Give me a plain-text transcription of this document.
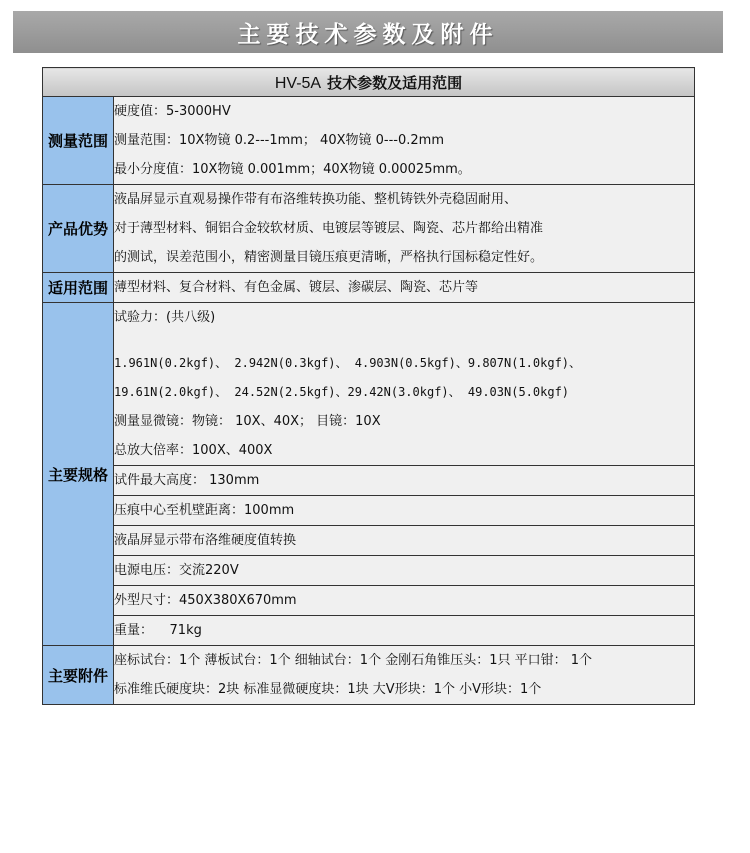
主要技术参数及附件
HV-5A 技术参数及适用范围	
测量范围	硬度值：5-3000HV
测量范围：10X物镜 0.2---1mm； 40X物镜 0---0.2mm
最小分度值：10X物镜 0.001mm；40X物镜 0.00025mm。

产品优势	液晶屏显示直观易操作带有布洛维转换功能、整机铸铁外壳稳固耐用、
对于薄型材料、铜铝合金较软材质、电镀层等镀层、陶瓷、芯片都给出精准
的测试，误差范围小，精密测量目镜压痕更清晰，严格执行国标稳定性好。

适用范围	薄型材料、复合材料、有色金属、镀层、渗碳层、陶瓷、芯片等

主要规格	试验力：(共八级)
1.961N(0.2kgf)、 2.942N(0.3kgf)、 4.903N(0.5kgf)、9.807N(1.0kgf)、
19.61N(2.0kgf)、 24.52N(2.5kgf)、29.42N(3.0kgf)、 49.03N(5.0kgf)
测量显微镜：物镜： 10X、40X； 目镜：10X
总放大倍率：100X、400X

	试件最大高度： 130mm

	压痕中心至机壁距离：100mm

	液晶屏显示带布洛维硬度值转换

	电源电压：交流220V

	外型尺寸：450X380X670mm

	重量：    71kg

主要附件	座标试台：1个 薄板试台：1个 细轴试台：1个 金刚石角锥压头：1只 平口钳： 1个
标准维氏硬度块：2块 标准显微硬度块：1块 大V形块：1个 小V形块：1个
